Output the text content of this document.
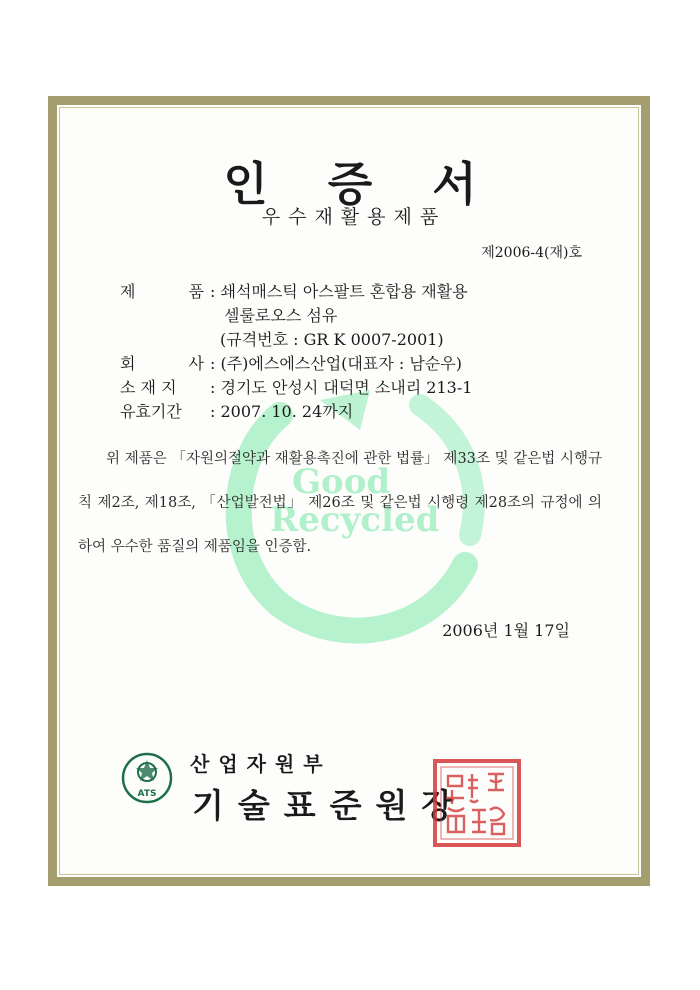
Good
Recycled
인 증 서
우수재활용제품
제2006-4(재)호
제	품 : 쇄석매스틱 아스팔트 혼합용 재활용
셀룰로오스 섬유
(규격번호 : GR K 0007-2001)
회	사 : (주)에스에스산업(대표자 : 남순우)
소 재 지	: 경기도 안성시 대덕면 소내리 213-1
유효기간	: 2007. 10. 24까지
위 제품은 「자원의절약과 재활용촉진에 관한 법률」 제33조 및 같은법 시행규칙 제2조, 제18조, 「산업발전법」 제26조 및 같은법 시행령 제28조의 규정에 의하여 우수한 품질의 제품임을 인증함.
2006년 1월 17일
ATS
산업자원부
기술표준원장
